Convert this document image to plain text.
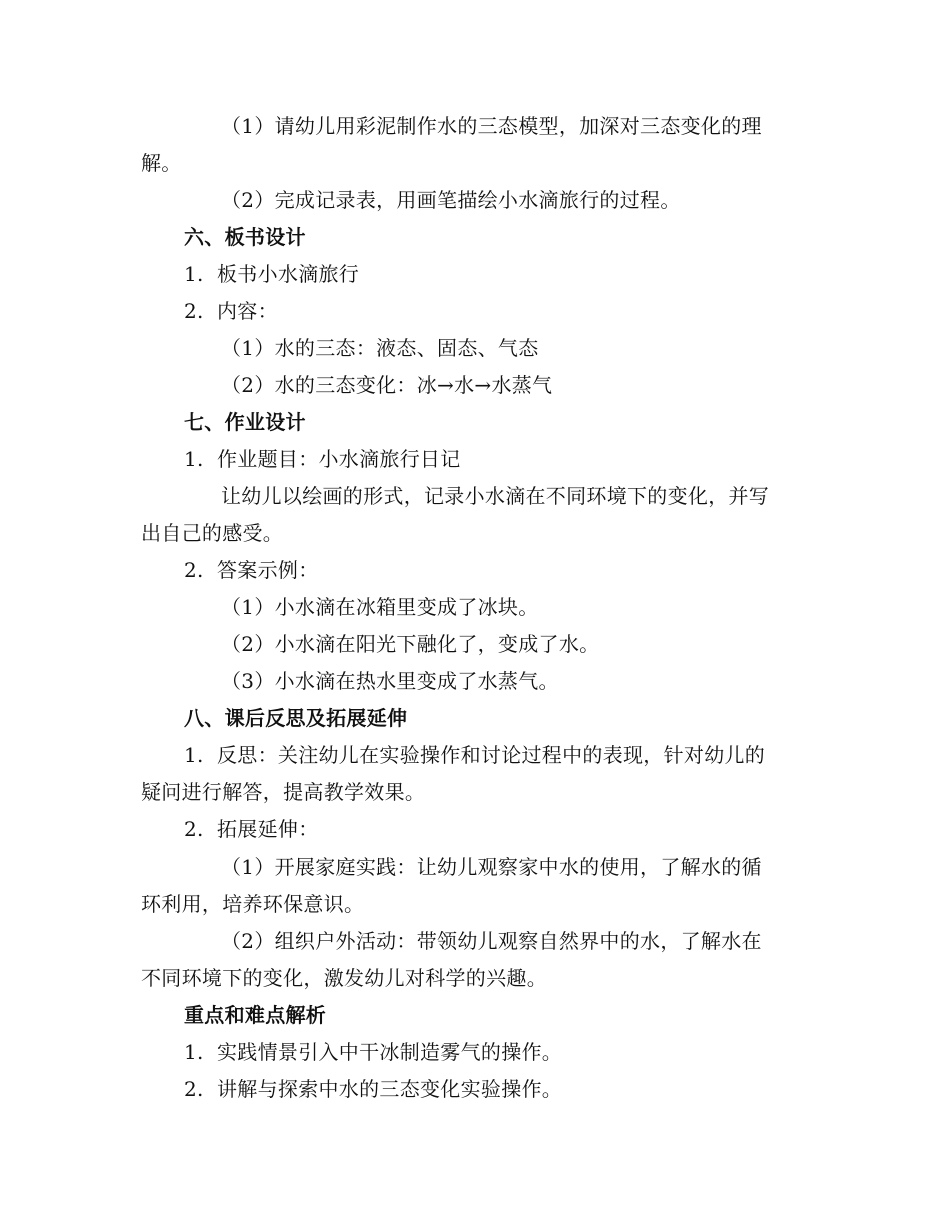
（1）请幼儿用彩泥制作水的三态模型，加深对三态变化的理
解。
（2）完成记录表，用画笔描绘小水滴旅行的过程。
六、板书设计
1. 板书小水滴旅行
2. 内容：
（1）水的三态：液态、固态、气态
（2）水的三态变化：冰→水→水蒸气
七、作业设计
1. 作业题目：小水滴旅行日记
让幼儿以绘画的形式，记录小水滴在不同环境下的变化，并写
出自己的感受。
2. 答案示例：
（1）小水滴在冰箱里变成了冰块。
（2）小水滴在阳光下融化了，变成了水。
（3）小水滴在热水里变成了水蒸气。
八、课后反思及拓展延伸
1. 反思：关注幼儿在实验操作和讨论过程中的表现，针对幼儿的
疑问进行解答，提高教学效果。
2. 拓展延伸：
（1）开展家庭实践：让幼儿观察家中水的使用，了解水的循
环利用，培养环保意识。
（2）组织户外活动：带领幼儿观察自然界中的水，了解水在
不同环境下的变化，激发幼儿对科学的兴趣。
重点和难点解析
1. 实践情景引入中干冰制造雾气的操作。
2. 讲解与探索中水的三态变化实验操作。
